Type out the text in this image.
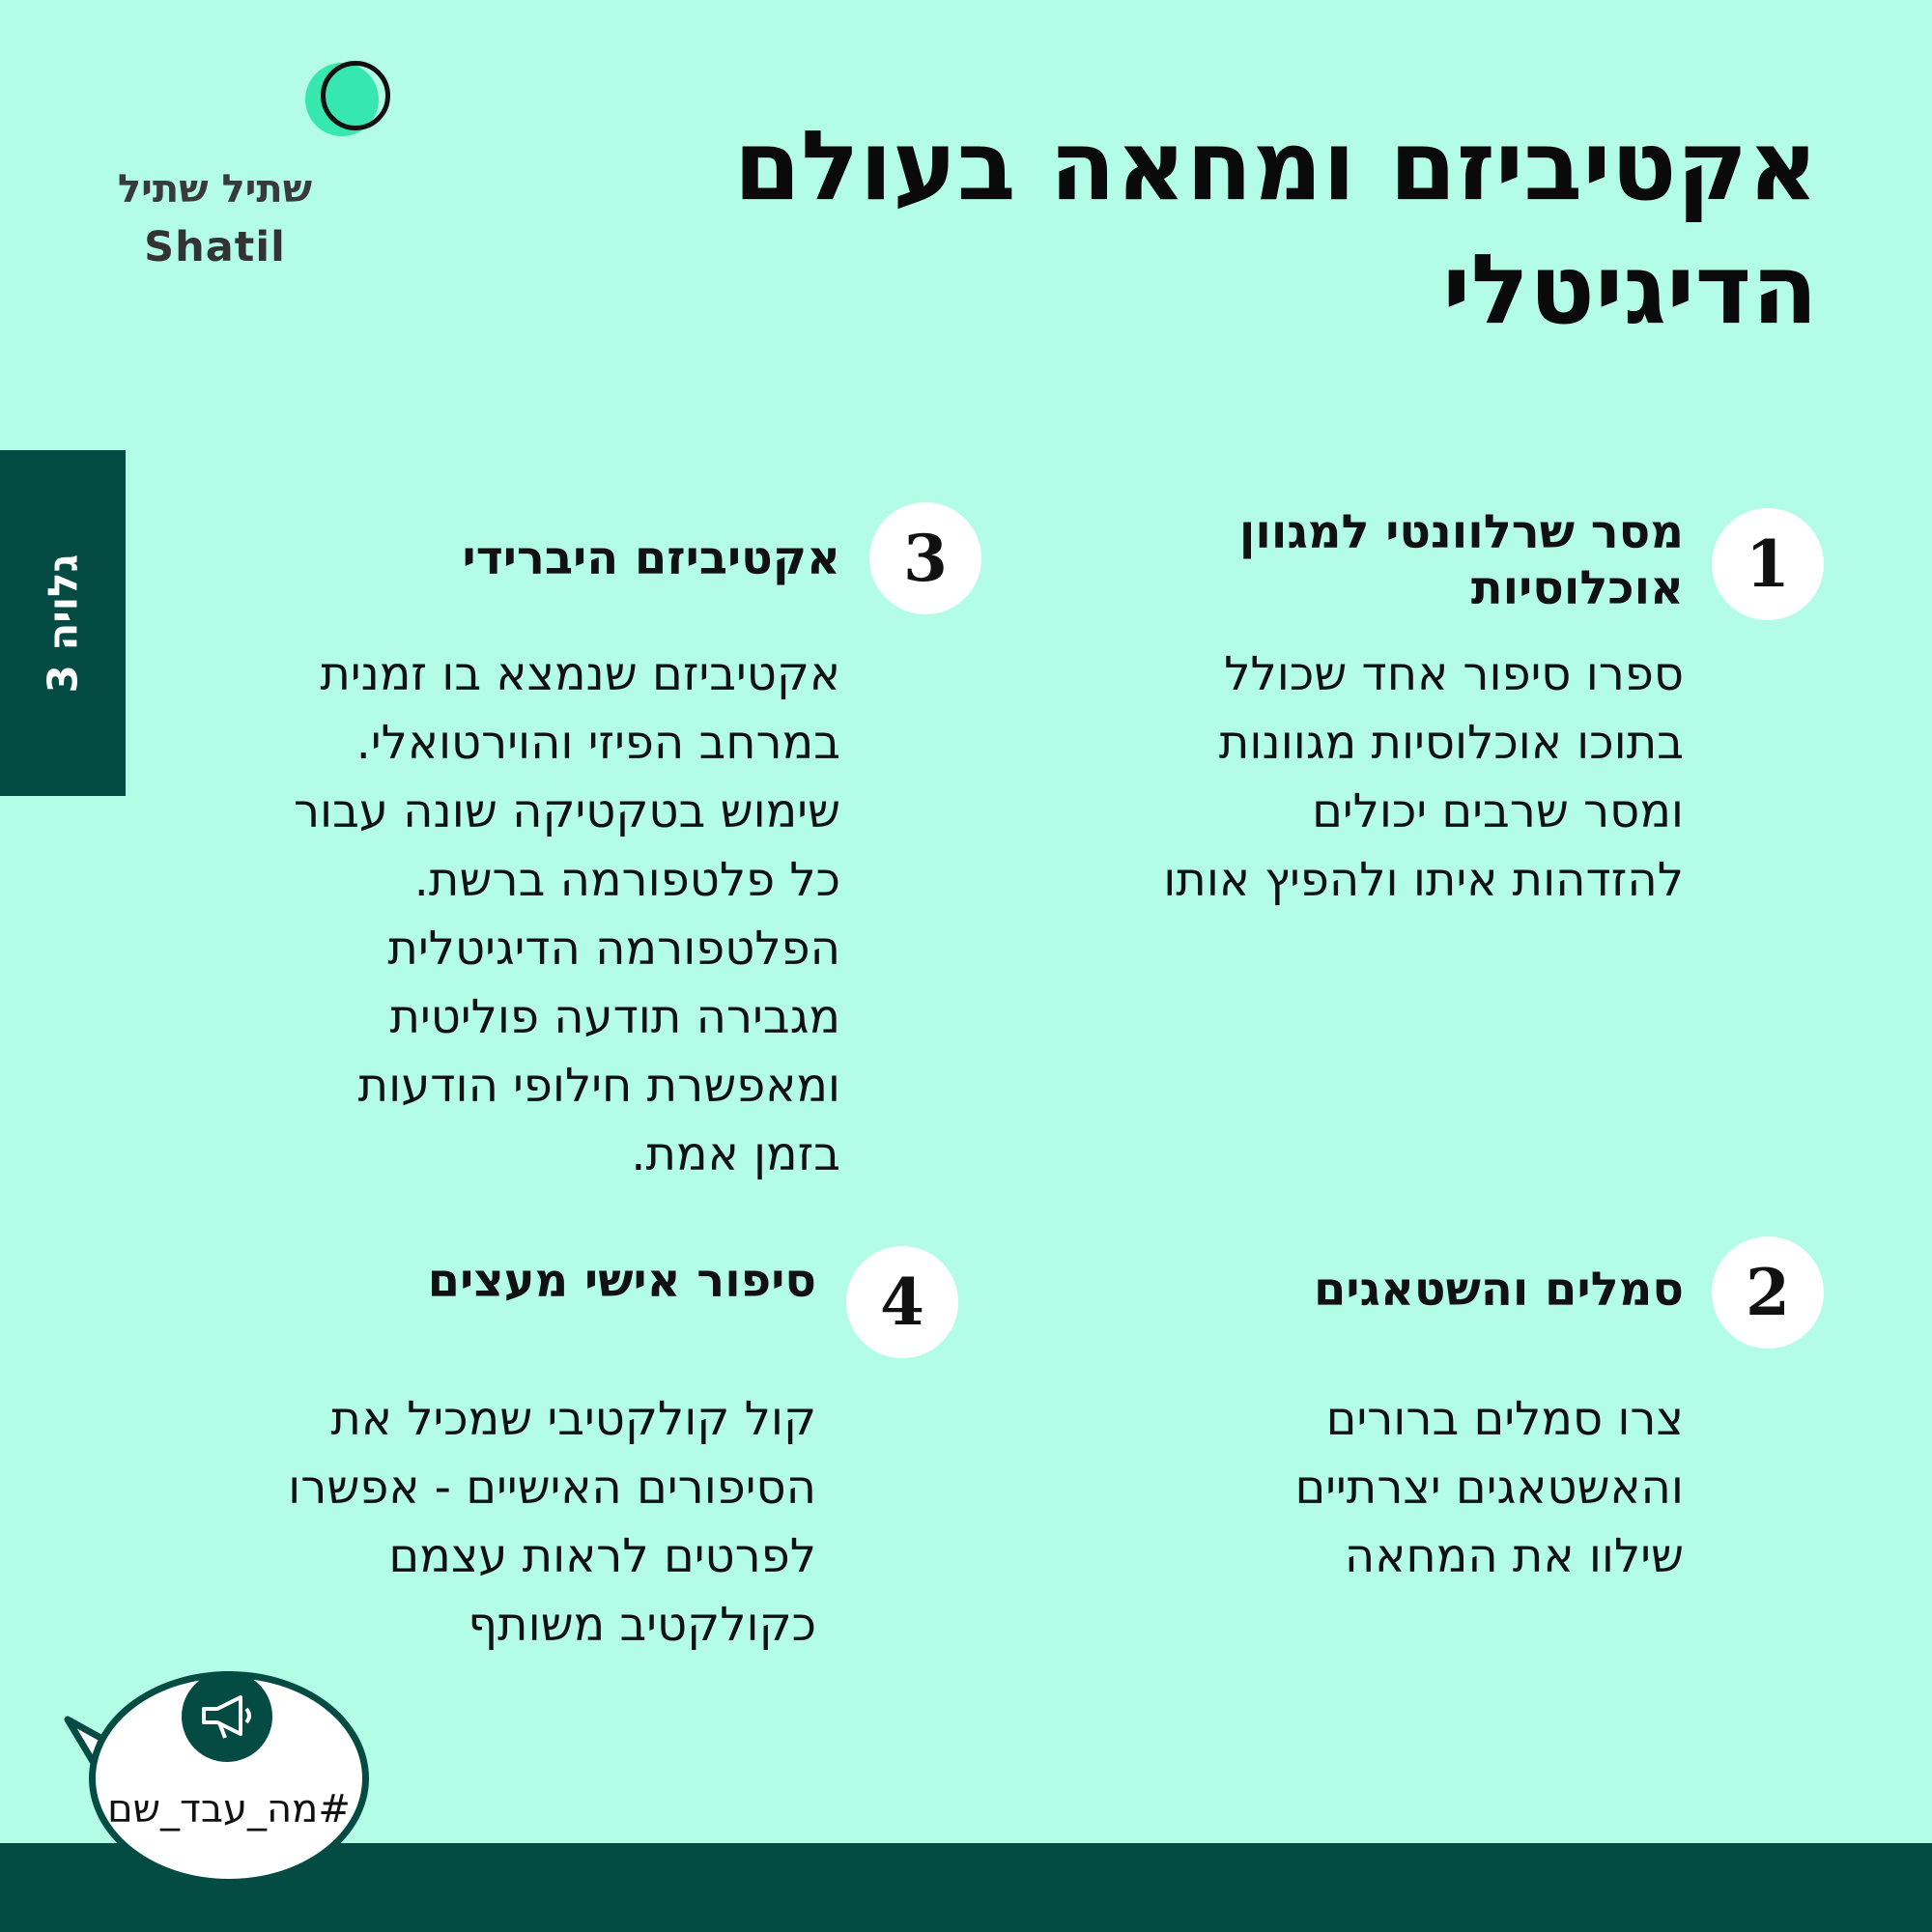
שתיל שתיל
Shatil
אקטיביזם ומחאה בעולם הדיגיטלי
גלויה 3	1
מסר שרלוונטי למגוון אוכלוסיות
ספרו סיפור אחד שכולל
בתוכו אוכלוסיות מגוונות
ומסר שרבים יכולים
להזדהות איתו ולהפיץ אותו
3
אקטיביזם היברידי
אקטיביזם שנמצא בו זמנית
במרחב הפיזי והוירטואלי.
שימוש בטקטיקה שונה עבור
כל פלטפורמה ברשת.
הפלטפורמה הדיגיטלית
מגבירה תודעה פוליטית
ומאפשרת חילופי הודעות
בזמן אמת.
2
סמלים והשטאגים
צרו סמלים ברורים
והאשטאגים יצרתיים
שילוו את המחאה
4
סיפור אישי מעצים
קול קולקטיבי שמכיל את
הסיפורים האישיים - אפשרו
לפרטים לראות עצמם
כקולקטיב משותף
#מה_עבד_שם
